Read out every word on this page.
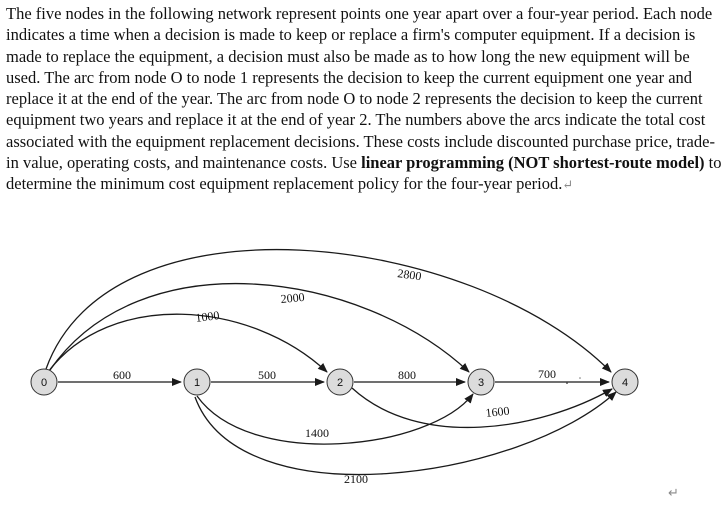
The five nodes in the following network represent points one year apart over a four-year period. Each node indicates a time when a decision is made to keep or replace a firm's computer equipment. If a decision is made to replace the equipment, a decision must also be made as to how long the new equipment will be used. The arc from node O to node 1 represents the decision to keep the current equipment one year and replace it at the end of the year. The arc from node O to node 2 represents the decision to keep the current equipment two years and replace it at the end of year 2. The numbers above the arcs indicate the total cost associated with the equipment replacement decisions. These costs include discounted purchase price, trade-in value, operating costs, and maintenance costs. Use linear programming (NOT shortest-route model) to determine the minimum cost equipment replacement policy for the four-year period.↵
600	500	800	700
1000
2000
2800
1400
2100
1600
0	1	2	3	4
↵
